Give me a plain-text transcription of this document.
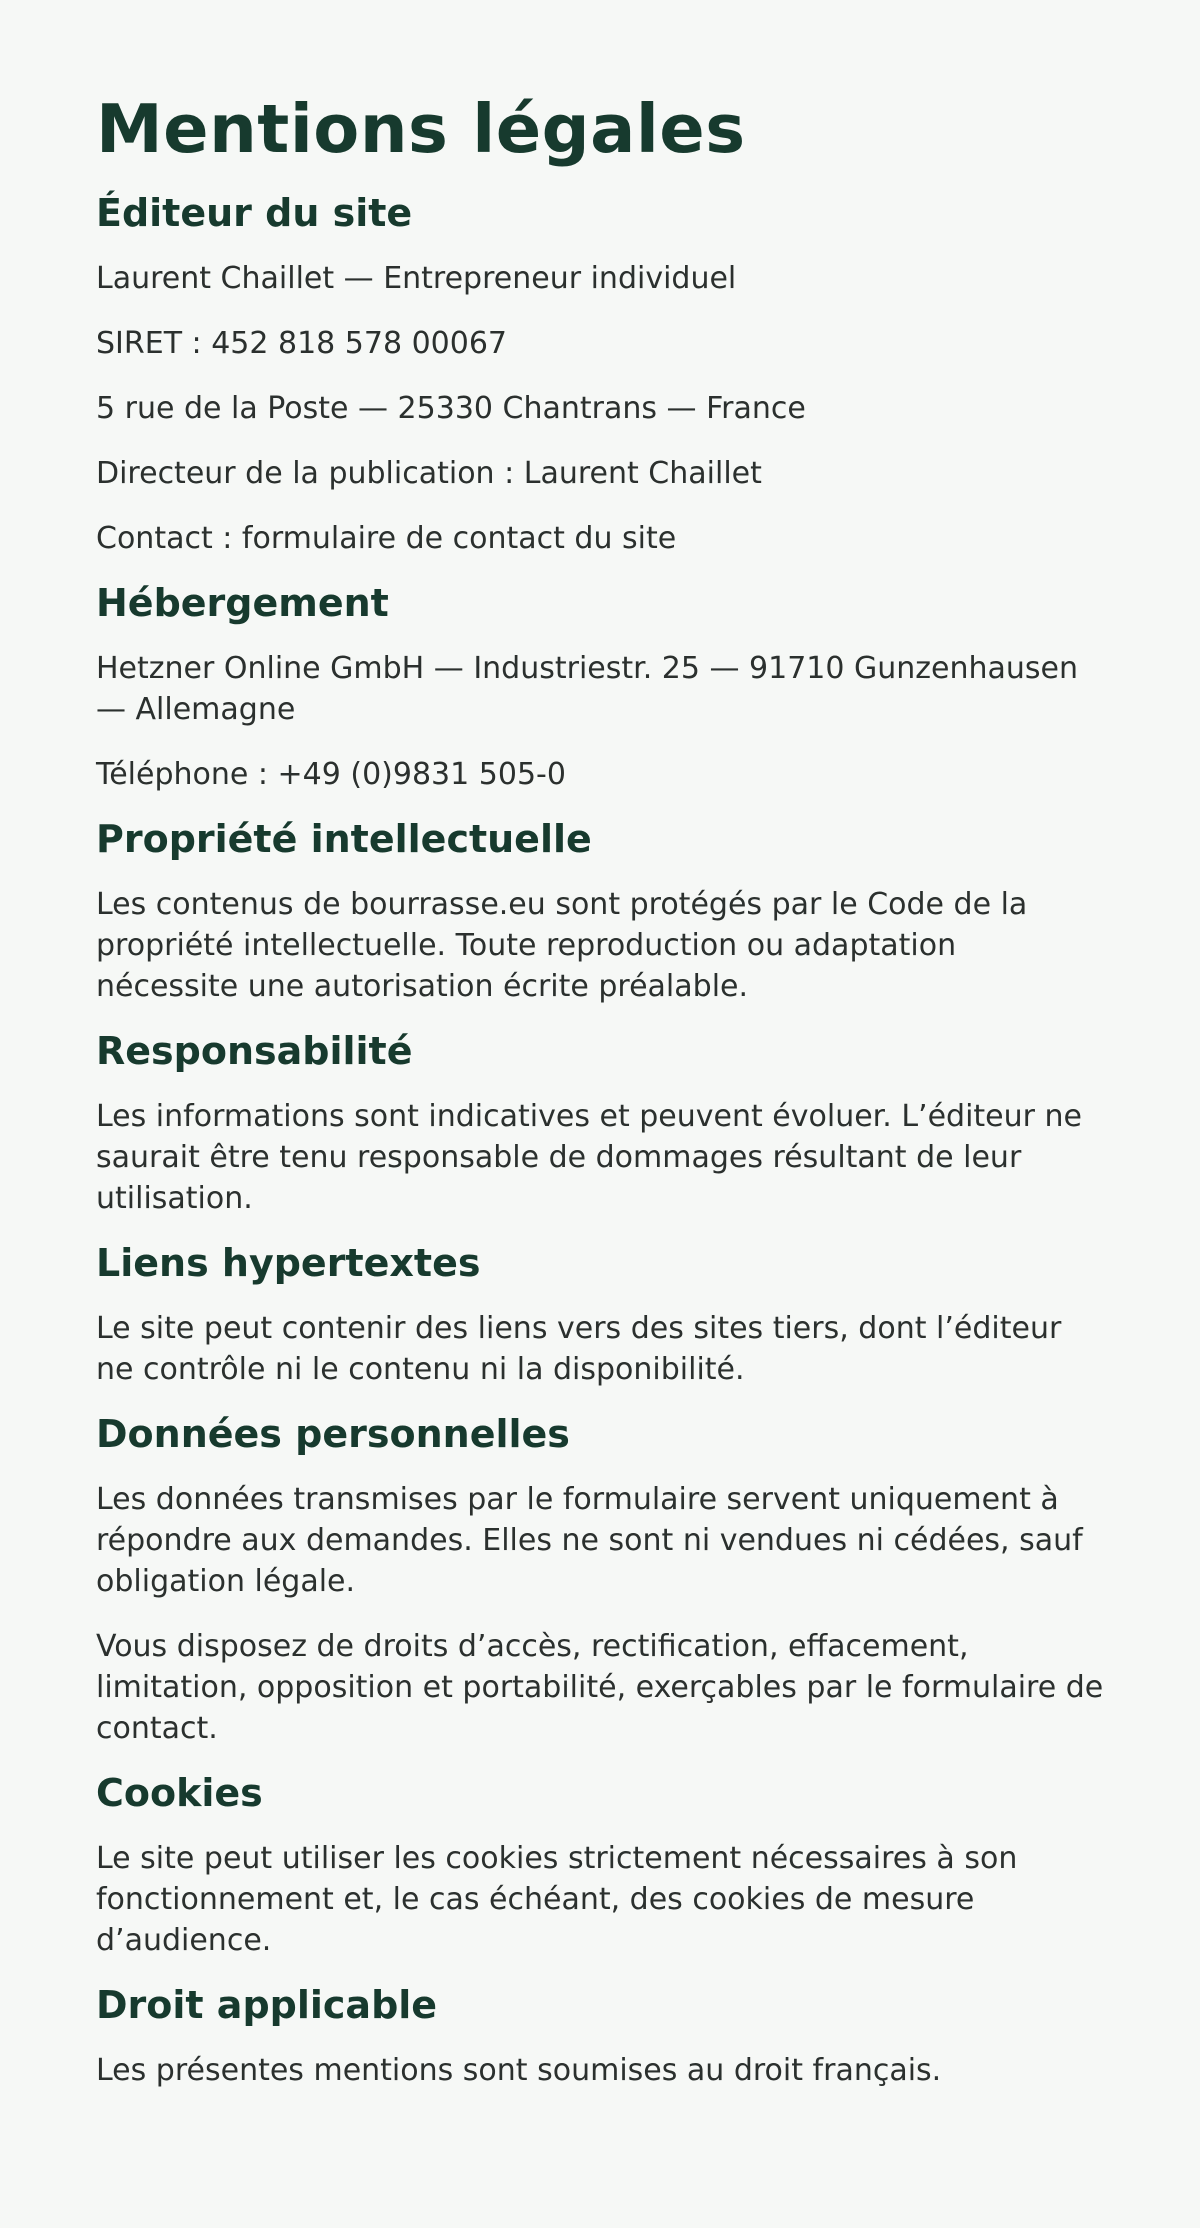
Mentions légales
Éditeur du site

Laurent Chaillet — Entrepreneur individuel

SIRET : 452 818 578 00067

5 rue de la Poste — 25330 Chantrans — France

Directeur de la publication : Laurent Chaillet

Contact : formulaire de contact du site

Hébergement

Hetzner Online GmbH — Industriestr. 25 — 91710 Gunzenhausen — Allemagne

Téléphone : +49 (0)9831 505-0

Propriété intellectuelle

Les contenus de bourrasse.eu sont protégés par le Code de la propriété intellectuelle. Toute reproduction ou adaptation nécessite une autorisation écrite préalable.

Responsabilité

Les informations sont indicatives et peuvent évoluer. L’éditeur ne saurait être tenu responsable de dommages résultant de leur utilisation.

Liens hypertextes

Le site peut contenir des liens vers des sites tiers, dont l’éditeur ne contrôle ni le contenu ni la disponibilité.

Données personnelles

Les données transmises par le formulaire servent uniquement à répondre aux demandes. Elles ne sont ni vendues ni cédées, sauf obligation légale.

Vous disposez de droits d’accès, rectification, effacement, limitation, opposition et portabilité, exerçables par le formulaire de contact.

Cookies

Le site peut utiliser les cookies strictement nécessaires à son fonctionnement et, le cas échéant, des cookies de mesure d’audience.

Droit applicable

Les présentes mentions sont soumises au droit français.
